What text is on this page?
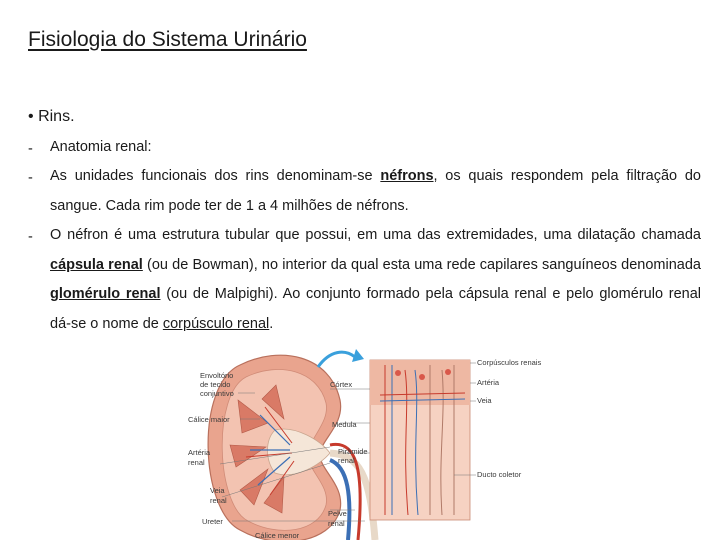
Fisiologia do Sistema Urinário
• Rins.
- Anatomia renal:
- As unidades funcionais dos rins denominam-se néfrons, os quais respondem pela filtração do sangue. Cada rim pode ter de 1 a 4 milhões de néfrons.
- O néfron é uma estrutura tubular que possui, em uma das extremidades, uma dilatação chamada cápsula renal (ou de Bowman), no interior da qual esta uma rede capilares sanguíneos denominada glomérulo renal (ou de Malpighi). Ao conjunto formado pela cápsula renal e pelo glomérulo renal dá-se o nome de corpúsculo renal.
Envoltório de tecido conjuntivo
Cálice maior
Artéria renal
Veia renal
Ureter
Cálice menor
Córtex
Medula
Pirâmide renal
Pelve renal
Corpúsculos renais
Artéria
Veia
Ducto coletor
